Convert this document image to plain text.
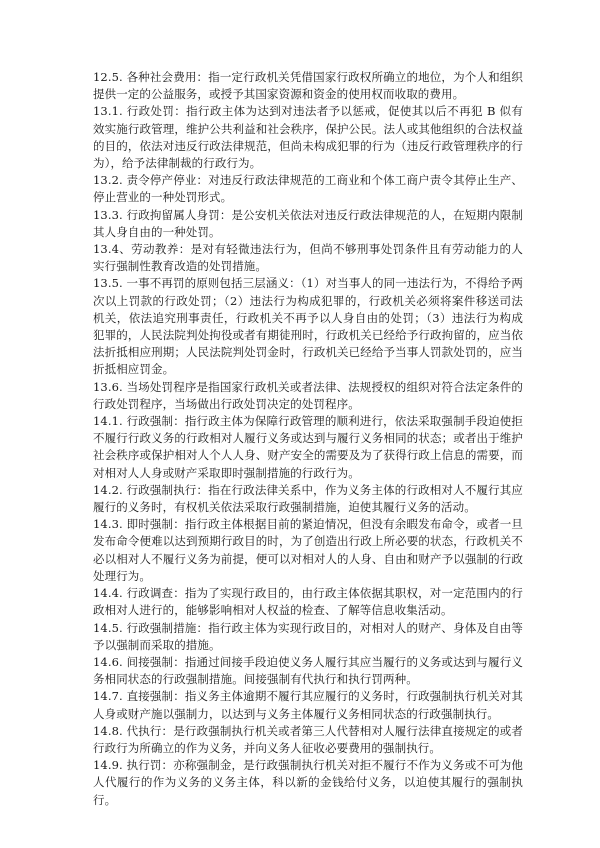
12.5. 各种社会费用：指一定行政机关凭借国家行政权所确立的地位，为个人和组织提供一定的公益服务，或授予其国家资源和资金的使用权而收取的费用。

13.1. 行政处罚：指行政主体为达到对违法者予以惩戒，促使其以后不再犯 B 似有效实施行政管理，维护公共利益和社会秩序，保护公民。法人或其他组织的合法权益的目的，依法对违反行政法律规范，但尚未构成犯罪的行为（违反行政管理秩序的行为），给予法律制裁的行政行为。

13.2. 责令停产停业：对违反行政法律规范的工商业和个体工商户责令其停止生产、停止营业的一种处罚形式。

13.3. 行政拘留属人身罚：是公安机关依法对违反行政法律规范的人，在短期内限制其人身自由的一种处罚。

13.4、劳动教养：是对有轻微违法行为，但尚不够刑事处罚条件且有劳动能力的人实行强制性教育改造的处罚措施。

13.5. 一事不再罚的原则包括三层涵义：（1）对当事人的同一违法行为，不得给予两次以上罚款的行政处罚；（2）违法行为构成犯罪的，行政机关必须将案件移送司法机关，依法追究刑事责任，行政机关不再予以人身自由的处罚；（3）违法行为构成犯罪的，人民法院判处拘役或者有期徒刑时，行政机关已经给予行政拘留的，应当依法折抵相应刑期；人民法院判处罚金时，行政机关已经给予当事人罚款处罚的，应当折抵相应罚金。

13.6. 当场处罚程序是指国家行政机关或者法律、法规授权的组织对符合法定条件的行政处罚程序，当场做出行政处罚决定的处罚程序。

14.1. 行政强制：指行政主体为保障行政管理的顺利进行，依法采取强制手段迫使拒不履行行政义务的行政相对人履行义务或达到与履行义务相同的状态；或者出于维护社会秩序或保护相对人个人人身、财产安全的需要及为了获得行政上信息的需要，而对相对人人身或财产采取即时强制措施的行政行为。

14.2. 行政强制执行：指在行政法律关系中，作为义务主体的行政相对人不履行其应履行的义务时，有权机关依法采取行政强制措施，迫使其履行义务的活动。

14.3. 即时强制：指行政主体根据目前的紧迫情况，但没有余暇发布命令，或者一旦发布命令便难以达到预期行政目的时，为了创造出行政上所必要的状态，行政机关不必以相对人不履行义务为前提，便可以对相对人的人身、自由和财产予以强制的行政处理行为。

14.4. 行政调查：指为了实现行政目的，由行政主体依据其职权，对一定范围内的行政相对人进行的，能够影响相对人权益的检查、了解等信息收集活动。

14.5. 行政强制措施：指行政主体为实现行政目的，对相对人的财产、身体及自由等予以强制而采取的措施。

14.6. 间接强制：指通过间接手段迫使义务人履行其应当履行的义务或达到与履行义务相同状态的行政强制措施。间接强制有代执行和执行罚两种。

14.7. 直接强制：指义务主体逾期不履行其应履行的义务时，行政强制执行机关对其人身或财产施以强制力，以达到与义务主体履行义务相同状态的行政强制执行。

14.8. 代执行：是行政强制执行机关或者第三人代替相对人履行法律直接规定的或者行政行为所确立的作为义务，并向义务人征收必要费用的强制执行。

14.9. 执行罚：亦称强制金，是行政强制执行机关对拒不履行不作为义务或不可为他人代履行的作为义务的义务主体，科以新的金钱给付义务，以迫使其履行的强制执行。
